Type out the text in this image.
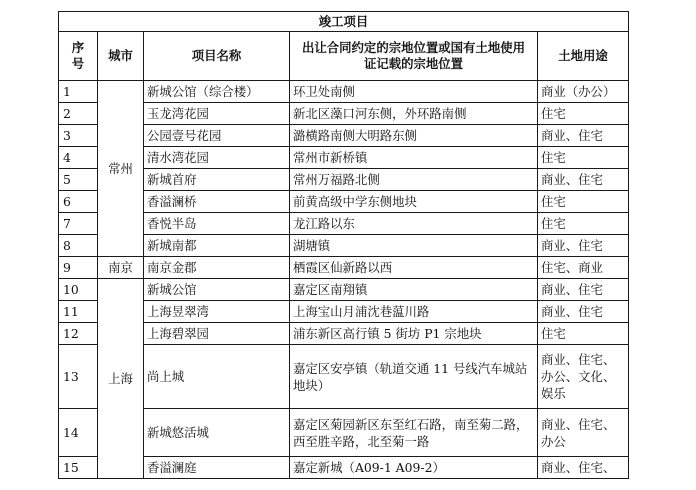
竣工项目				
序号	城市	项目名称	出让合同约定的宗地位置或国有土地使用证记载的宗地位置	土地用途
1	常州	新城公馆（综合楼）	环卫处南侧	商业（办公）
2		玉龙湾花园	新北区藻口河东侧，外环路南侧	住宅
3		公园壹号花园	潞横路南侧大明路东侧	商业、住宅
4		清水湾花园	常州市新桥镇	住宅
5		新城首府	常州万福路北侧	商业、住宅
6		香溢澜桥	前黄高级中学东侧地块	住宅
7		香悦半岛	龙江路以东	住宅
8		新城南都	湖塘镇	商业、住宅
9	南京	南京金郡	栖霞区仙新路以西	住宅、商业
10	上海	新城公馆	嘉定区南翔镇	商业、住宅
11		上海昱翠湾	上海宝山月浦沈巷蕰川路	商业、住宅
12		上海碧翠园	浦东新区高行镇 5 街坊 P1 宗地块	住宅
13		尚上城	嘉定区安亭镇（轨道交通 11 号线汽车城站地块）	商业、住宅、办公、文化、娱乐
14		新城悠活城	嘉定区菊园新区东至红石路，南至菊二路，西至胜辛路，北至菊一路	商业、住宅、办公
15		香溢澜庭	嘉定新城（A09-1 A09-2）	商业、住宅、
